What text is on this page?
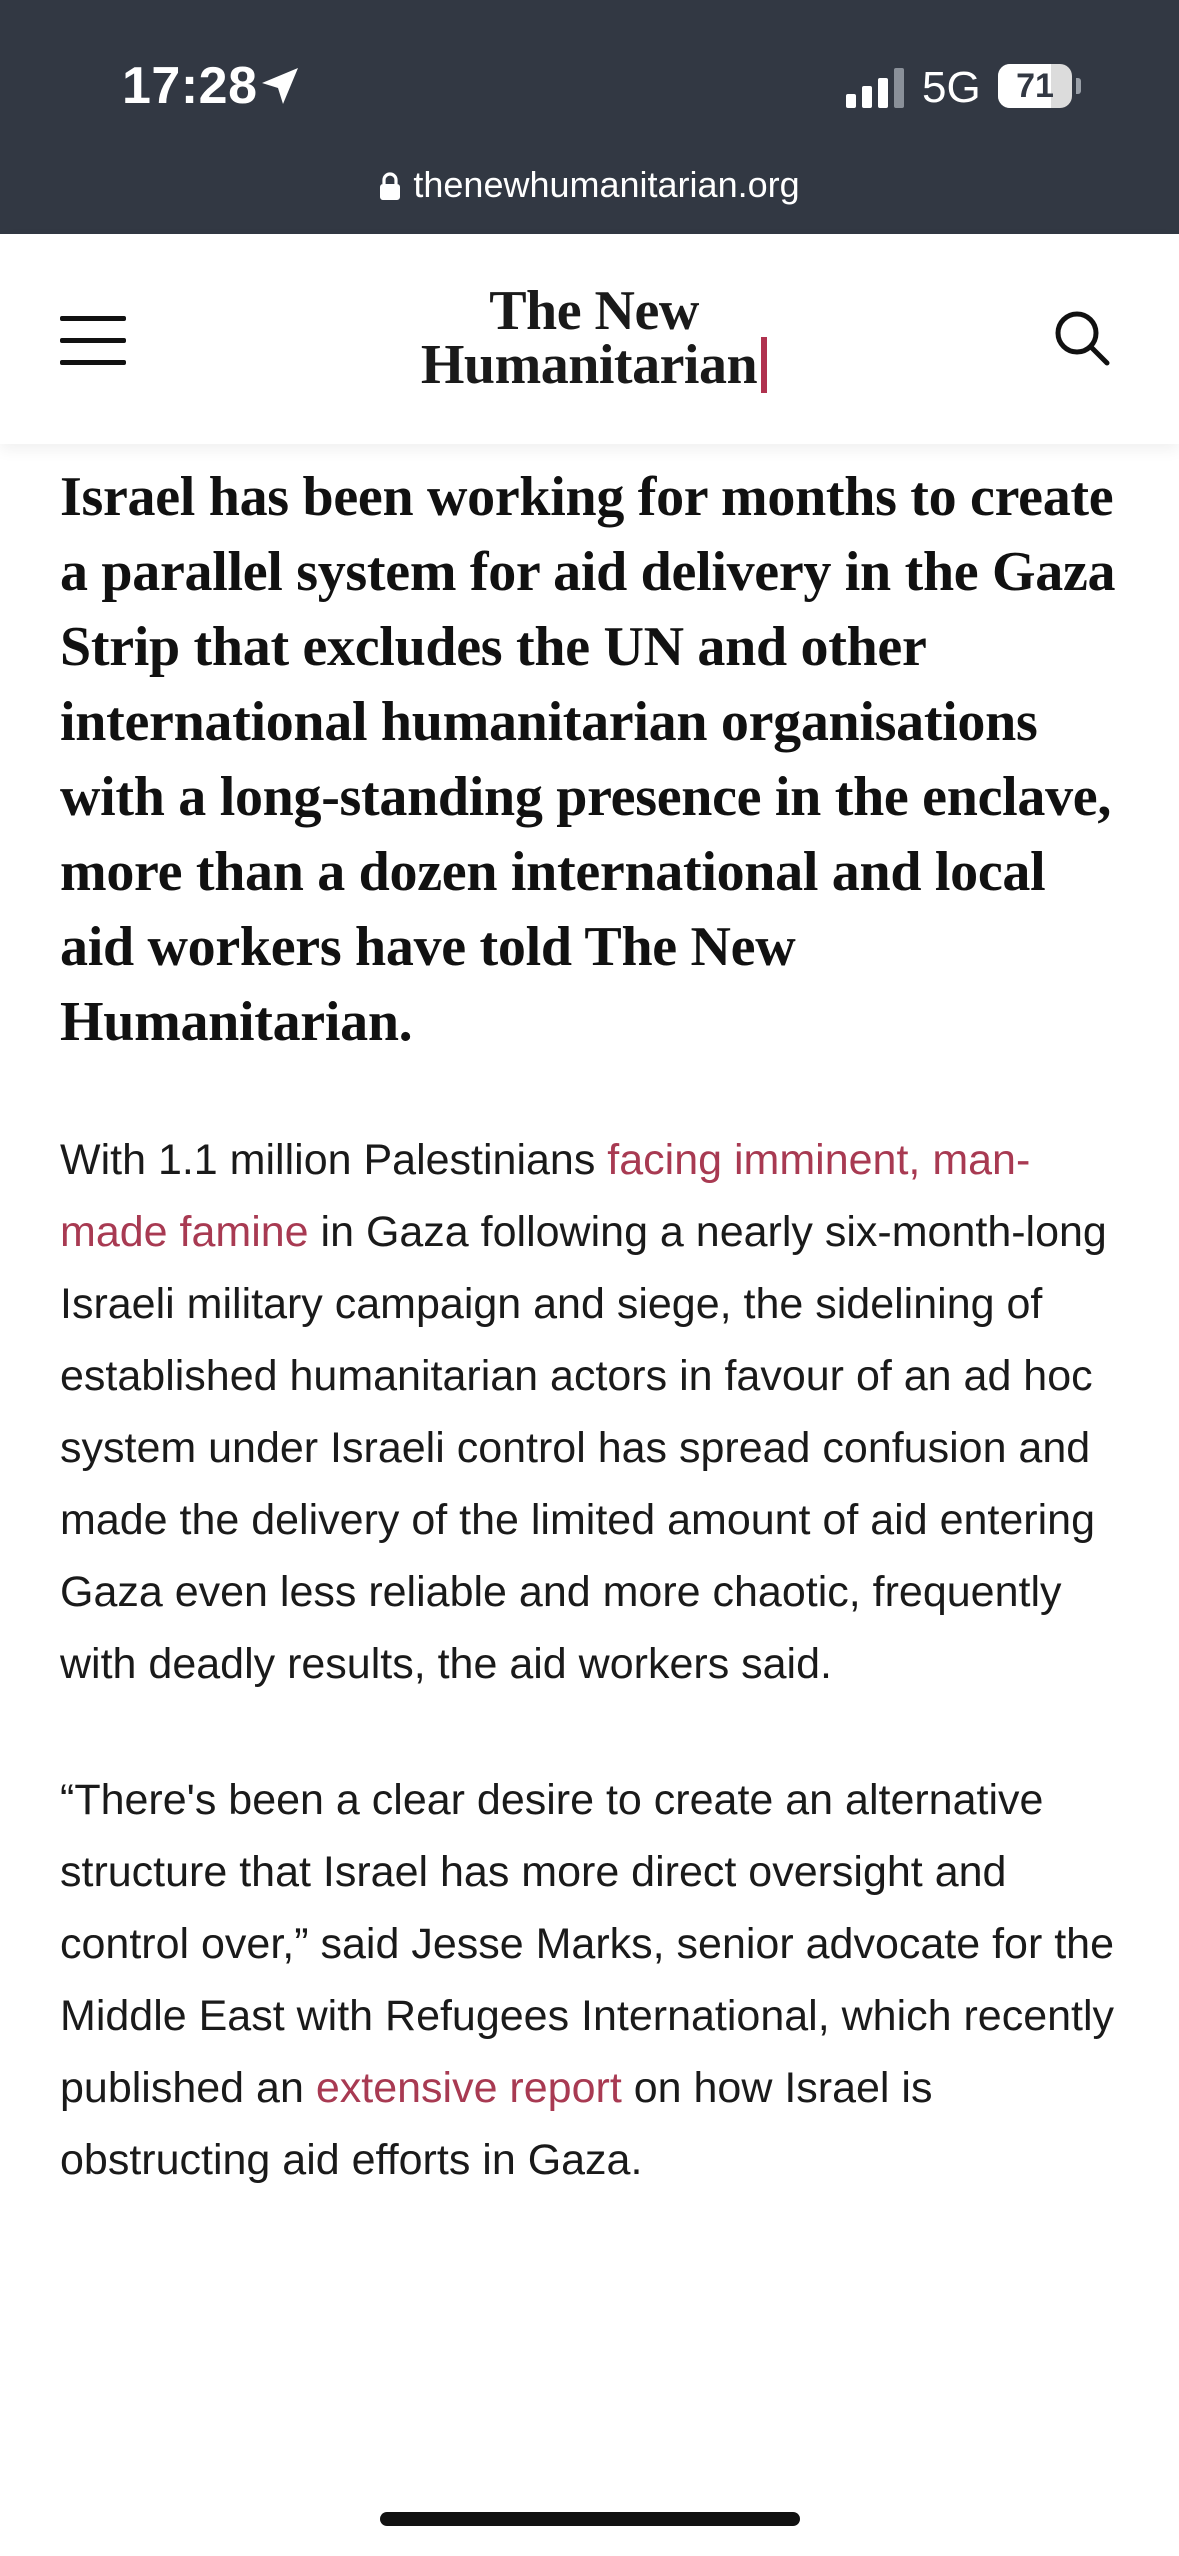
17:28	5G	71
thenewhumanitarian.org
The New
Humanitarian

Israel has been working for months to create a parallel system for aid delivery in the Gaza Strip that excludes the UN and other international humanitarian organisations with a long-standing presence in the enclave, more than a dozen international and local aid workers have told The New Humanitarian.

With 1.1 million Palestinians facing imminent, man-made famine in Gaza following a nearly six-month-long Israeli military campaign and siege, the sidelining of established humanitarian actors in favour of an ad hoc system under Israeli control has spread confusion and made the delivery of the limited amount of aid entering Gaza even less reliable and more chaotic, frequently with deadly results, the aid workers said.

“There's been a clear desire to create an alternative structure that Israel has more direct oversight and control over,” said Jesse Marks, senior advocate for the Middle East with Refugees International, which recently published an extensive report on how Israel is obstructing aid efforts in Gaza.
